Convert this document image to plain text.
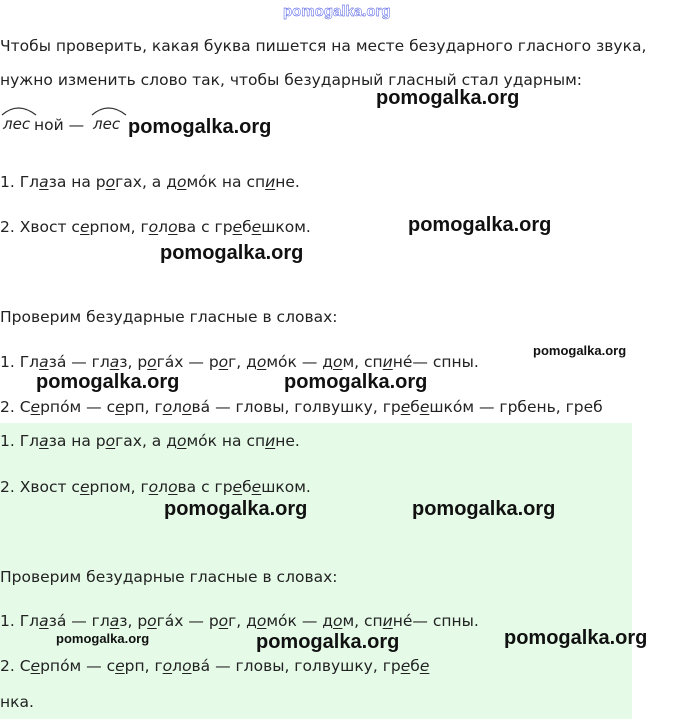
pomogalka.org
Чтобы проверить, какая буква пишется на месте безударного гласного звука,
нужно изменить слово так, чтобы безударный гласный стал ударным:
лес ной — лес
1. Глаза на рогах, а домóк на спине.
2. Хвост серпом, голова с гребешком.
Проверим безударные гласные в словах:
1. Глазá — глаз, рогáх — рог, домóк — дом, спинé— спны.
2. Серпóм — серп, головá — гловы, голвушку, гребешкóм — грбень, греб
1. Глаза на рогах, а домóк на спине.
2. Хвост серпом, голова с гребешком.
Проверим безударные гласные в словах:
1. Глазá — глаз, рогáх — рог, домóк — дом, спинé— спны.
2. Серпóм — серп, головá — гловы, голвушку, гребе
нка.
pomogalka.org
pomogalka.org
pomogalka.org
pomogalka.org
pomogalka.org
pomogalka.org	pomogalka.org
pomogalka.org	pomogalka.org
pomogalka.org	pomogalka.org	pomogalka.org
